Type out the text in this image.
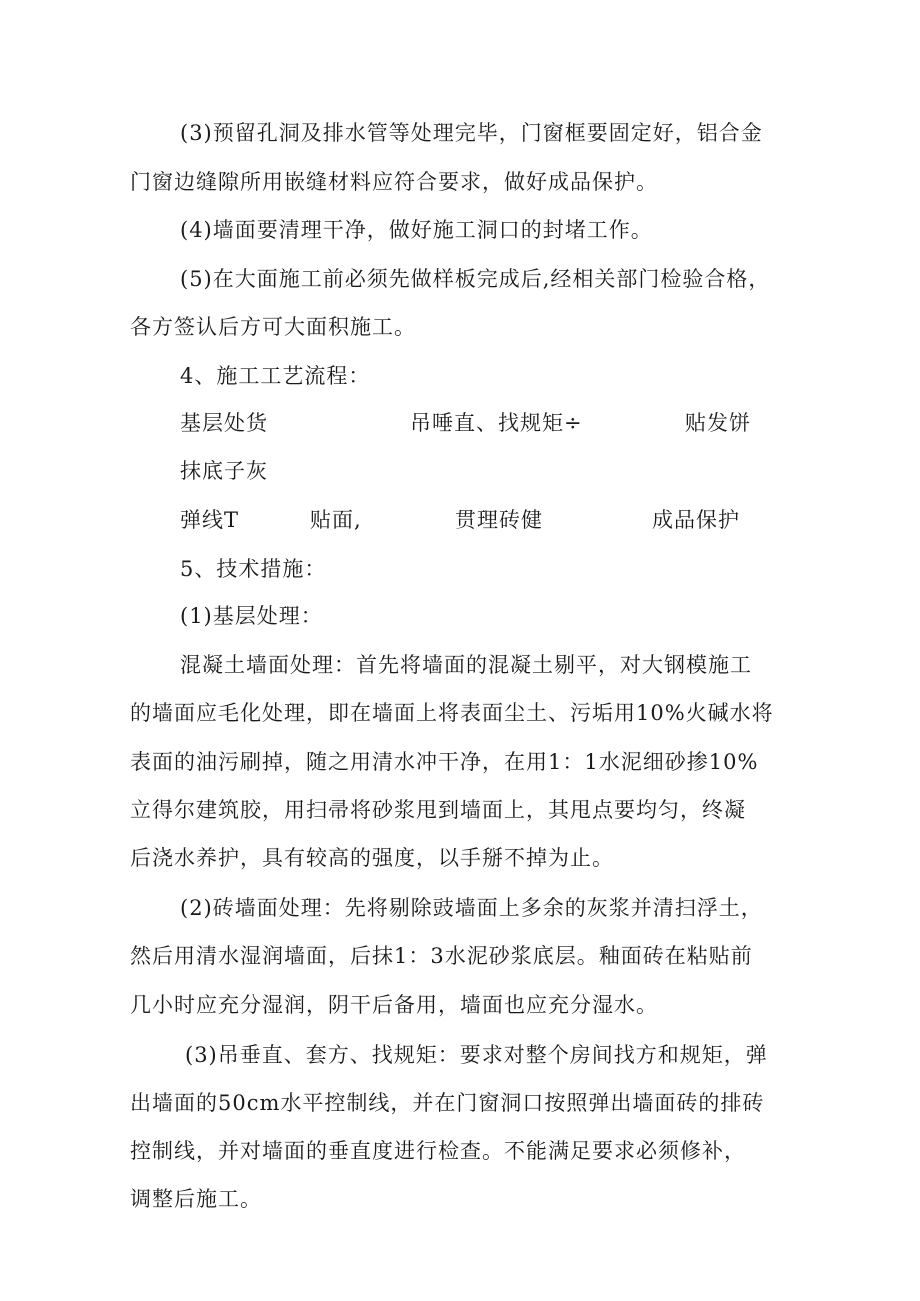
(3)预留孔洞及排水管等处理完毕，门窗框要固定好，铝合金
门窗边缝隙所用嵌缝材料应符合要求，做好成品保护。
(4)墙面要清理干净，做好施工洞口的封堵工作。
(5)在大面施工前必须先做样板完成后,经相关部门检验合格，
各方签认后方可大面积施工。
4、施工工艺流程：
基层处货	吊唾直、找规矩÷	贴发饼
抹底子灰
弹线T	贴面,	贯理砖健	成品保护
5、技术措施：
(1)基层处理：
混凝土墙面处理：首先将墙面的混凝土剔平，对大钢模施工
的墙面应毛化处理，即在墙面上将表面尘土、污垢用10%火碱水将
表面的油污刷掉，随之用清水冲干净，在用1：1水泥细砂掺10%
立得尔建筑胶，用扫帚将砂浆甩到墙面上，其甩点要均匀，终凝
后浇水养护，具有较高的强度，以手掰不掉为止。
(2)砖墙面处理：先将剔除豉墙面上多余的灰浆并清扫浮土，
然后用清水湿润墙面，后抹1：3水泥砂浆底层。釉面砖在粘贴前
几小时应充分湿润，阴干后备用，墙面也应充分湿水。
(3)吊垂直、套方、找规矩：要求对整个房间找方和规矩，弹
出墙面的50cm水平控制线，并在门窗洞口按照弹出墙面砖的排砖
控制线，并对墙面的垂直度进行检查。不能满足要求必须修补，
调整后施工。
